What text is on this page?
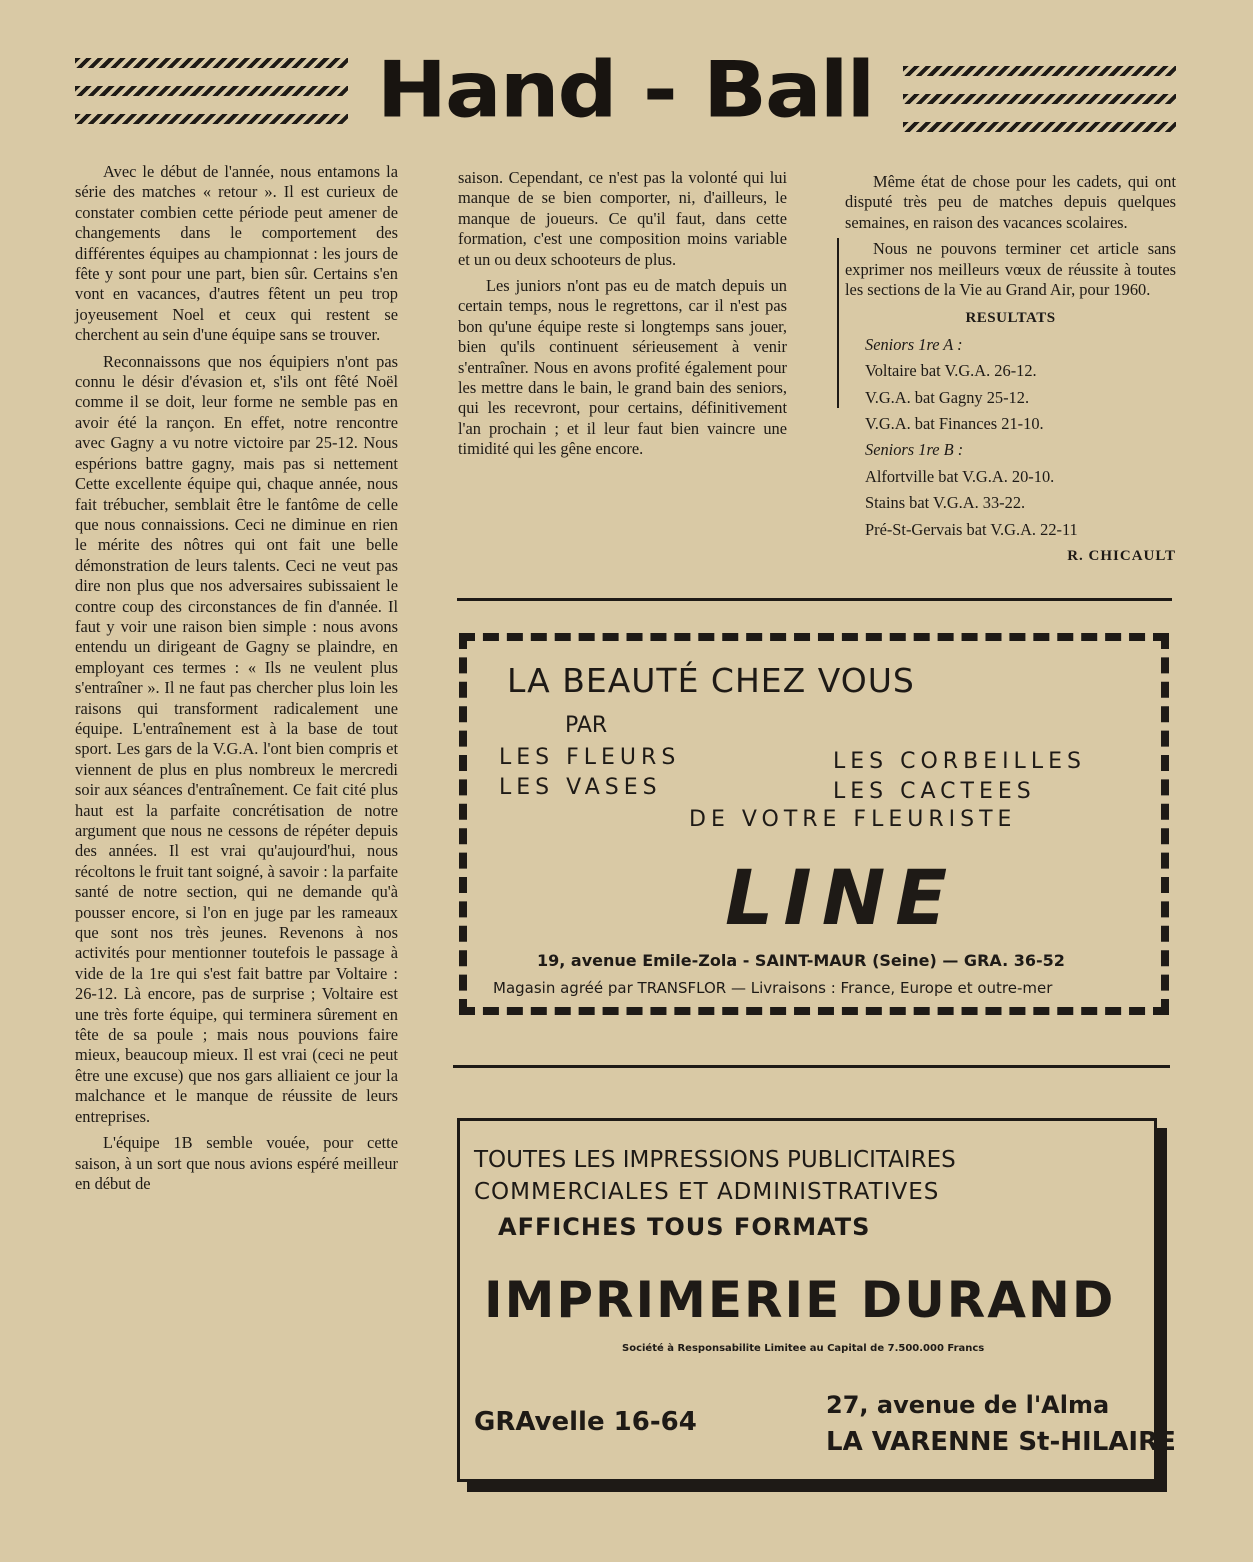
Hand - Ball

Avec le début de l'année, nous entamons la série des matches « retour ». Il est curieux de constater combien cette période peut amener de changements dans le comportement des différentes équipes au championnat : les jours de fête y sont pour une part, bien sûr. Certains s'en vont en vacances, d'autres fêtent un peu trop joyeusement Noel et ceux qui restent se cherchent au sein d'une équipe sans se trouver.

Reconnaissons que nos équipiers n'ont pas connu le désir d'évasion et, s'ils ont fêté Noël comme il se doit, leur forme ne semble pas en avoir été la rançon. En effet, notre rencontre avec Gagny a vu notre victoire par 25-12. Nous espérions battre gagny, mais pas si nettement Cette excellente équipe qui, chaque année, nous fait trébucher, semblait être le fantôme de celle que nous connaissions. Ceci ne diminue en rien le mérite des nôtres qui ont fait une belle démonstration de leurs talents. Ceci ne veut pas dire non plus que nos adversaires subissaient le contre coup des circonstances de fin d'année. Il faut y voir une raison bien simple : nous avons entendu un dirigeant de Gagny se plaindre, en employant ces termes : « Ils ne veulent plus s'entraîner ». Il ne faut pas chercher plus loin les raisons qui transforment radicalement une équipe. L'entraînement est à la base de tout sport. Les gars de la V.G.A. l'ont bien compris et viennent de plus en plus nombreux le mercredi soir aux séances d'entraînement. Ce fait cité plus haut est la parfaite concrétisation de notre argument que nous ne cessons de répéter depuis des années. Il est vrai qu'aujourd'hui, nous récoltons le fruit tant soigné, à savoir : la parfaite santé de notre section, qui ne demande qu'à pousser encore, si l'on en juge par les rameaux que sont nos très jeunes. Revenons à nos activités pour mentionner toutefois le passage à vide de la 1re qui s'est fait battre par Voltaire : 26-12. Là encore, pas de surprise ; Voltaire est une très forte équipe, qui terminera sûrement en tête de sa poule ; mais nous pouvions faire mieux, beaucoup mieux. Il est vrai (ceci ne peut être une excuse) que nos gars alliaient ce jour la malchance et le manque de réussite de leurs entreprises.

L'équipe 1B semble vouée, pour cette saison, à un sort que nous avions espéré meilleur en début de

saison. Cependant, ce n'est pas la volonté qui lui manque de se bien comporter, ni, d'ailleurs, le manque de joueurs. Ce qu'il faut, dans cette formation, c'est une composition moins variable et un ou deux schooteurs de plus.

Les juniors n'ont pas eu de match depuis un certain temps, nous le regrettons, car il n'est pas bon qu'une équipe reste si longtemps sans jouer, bien qu'ils continuent sérieusement à venir s'entraîner. Nous en avons profité également pour les mettre dans le bain, le grand bain des seniors, qui les recevront, pour certains, définitivement l'an prochain ; et il leur faut bien vaincre une timidité qui les gêne encore.

Même état de chose pour les cadets, qui ont disputé très peu de matches depuis quelques semaines, en raison des vacances scolaires.

Nous ne pouvons terminer cet article sans exprimer nos meilleurs vœux de réussite à toutes les sections de la Vie au Grand Air, pour 1960.

RESULTATS

Seniors 1re A :

Voltaire bat V.G.A. 26-12.

V.G.A. bat Gagny 25-12.

V.G.A. bat Finances 21-10.

Seniors 1re B :

Alfortville bat V.G.A. 20-10.

Stains bat V.G.A. 33-22.

Pré-St-Gervais bat V.G.A. 22-11

R. CHICAULT

LA BEAUTÉ CHEZ VOUS
PAR
LES FLEURS	LES CORBEILLES
LES VASES	LES CACTEES
DE VOTRE FLEURISTE
LINE
19, avenue Emile-Zola - SAINT-MAUR (Seine) — GRA. 36-52
Magasin agréé par TRANSFLOR — Livraisons : France, Europe et outre-mer
TOUTES LES IMPRESSIONS PUBLICITAIRES
COMMERCIALES ET ADMINISTRATIVES
AFFICHES TOUS FORMATS
IMPRIMERIE DURAND
Société à Responsabilite Limitee au Capital de 7.500.000 Francs
GRAvelle 16-64
27, avenue de l'Alma
LA VARENNE St-HILAIRE
